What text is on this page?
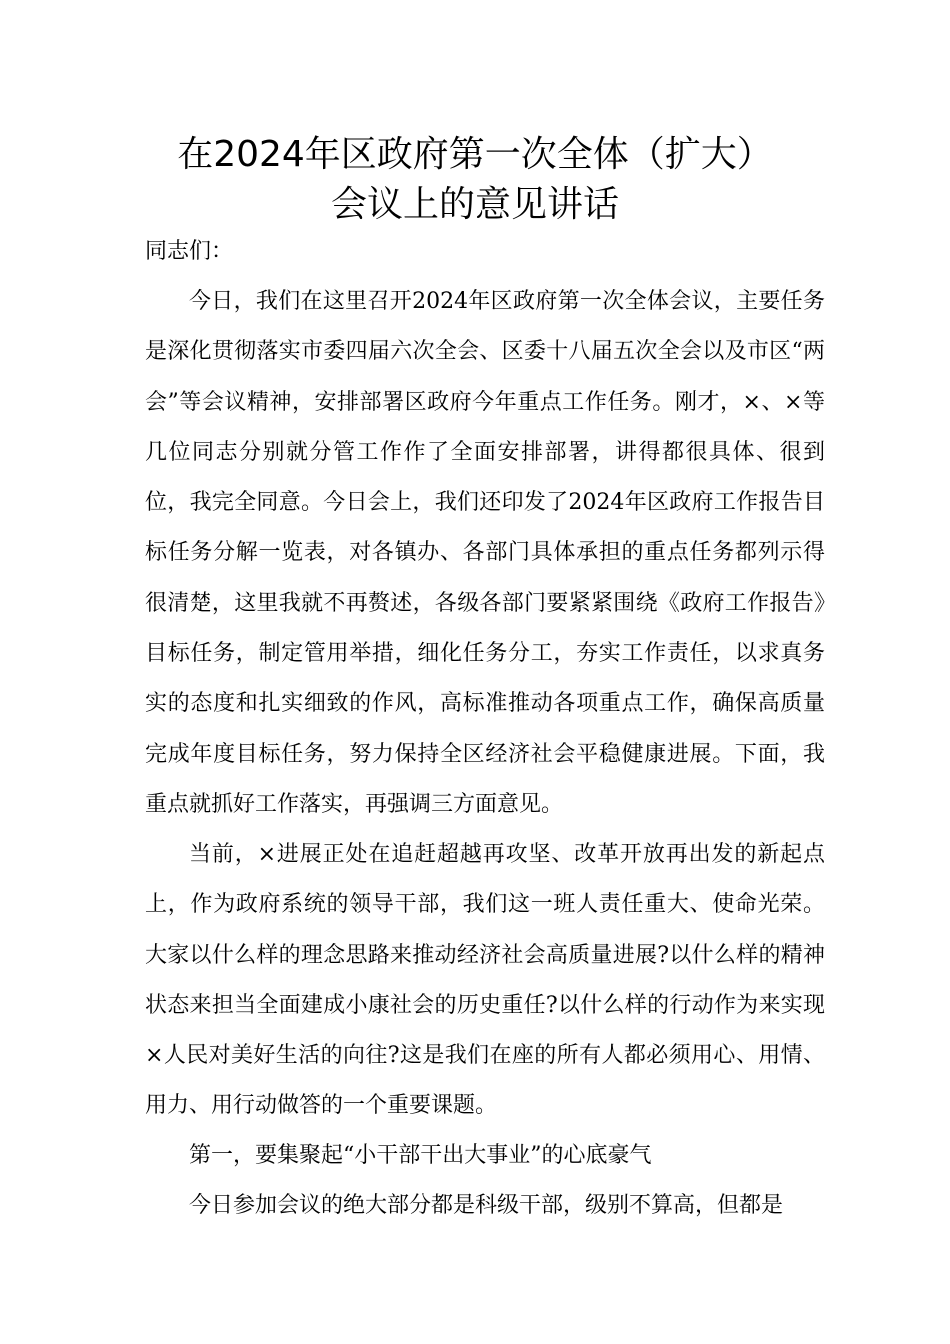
在2024年区政府第一次全体（扩大）
会议上的意见讲话

同志们：

今日，我们在这里召开2024年区政府第一次全体会议，主要任务是深化贯彻落实市委四届六次全会、区委十八届五次全会以及市区“两会”等会议精神，安排部署区政府今年重点工作任务。刚才，×、×等几位同志分别就分管工作作了全面安排部署，讲得都很具体、很到位，我完全同意。今日会上，我们还印发了2024年区政府工作报告目标任务分解一览表，对各镇办、各部门具体承担的重点任务都列示得很清楚，这里我就不再赘述，各级各部门要紧紧围绕《政府工作报告》目标任务，制定管用举措，细化任务分工，夯实工作责任，以求真务实的态度和扎实细致的作风，高标准推动各项重点工作，确保高质量完成年度目标任务，努力保持全区经济社会平稳健康进展。下面，我重点就抓好工作落实，再强调三方面意见。

当前，×进展正处在追赶超越再攻坚、改革开放再出发的新起点上，作为政府系统的领导干部，我们这一班人责任重大、使命光荣。大家以什么样的理念思路来推动经济社会高质量进展?以什么样的精神状态来担当全面建成小康社会的历史重任?以什么样的行动作为来实现×人民对美好生活的向往?这是我们在座的所有人都必须用心、用情、用力、用行动做答的一个重要课题。

第一，要集聚起“小干部干出大事业”的心底豪气

今日参加会议的绝大部分都是科级干部，级别不算高，但都是
